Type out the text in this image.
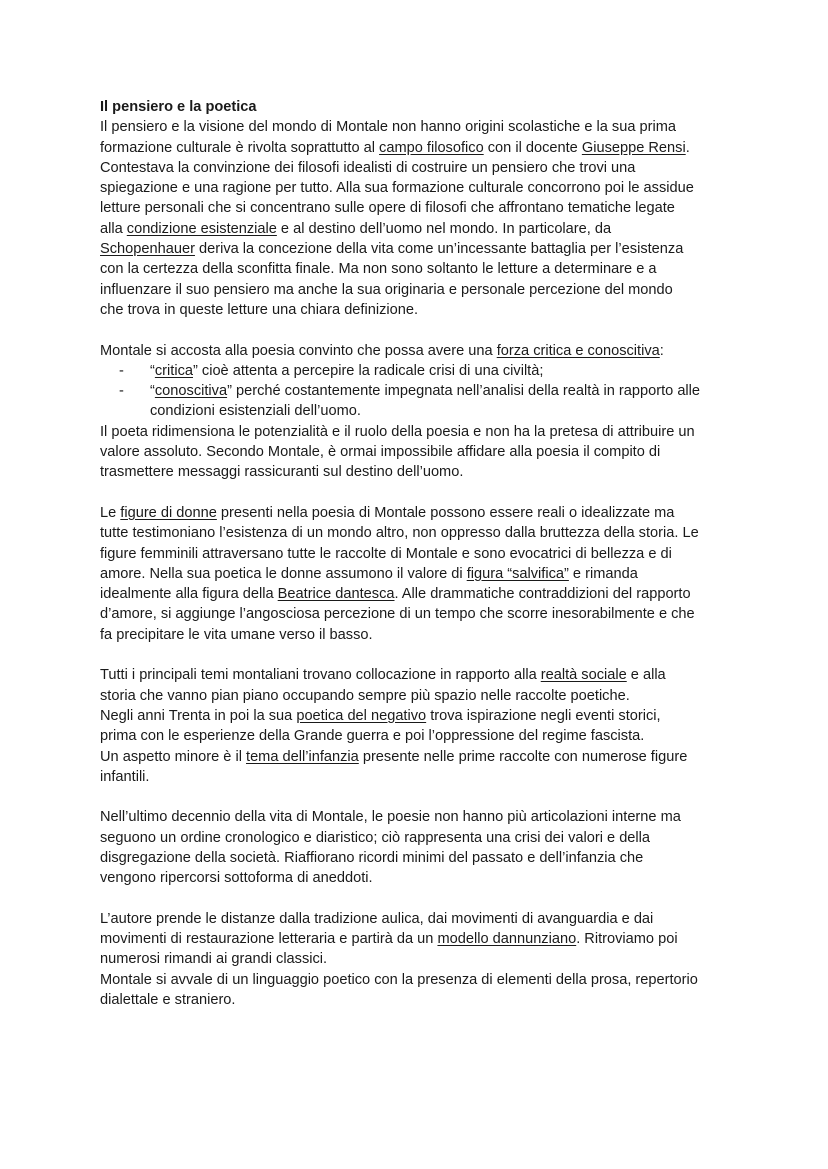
Il pensiero e la poetica
Il pensiero e la visione del mondo di Montale non hanno origini scolastiche e la sua prima
formazione culturale è rivolta soprattutto al campo filosofico con il docente Giuseppe Rensi.
Contestava la convinzione dei filosofi idealisti di costruire un pensiero che trovi una
spiegazione e una ragione per tutto. Alla sua formazione culturale concorrono poi le assidue
letture personali che si concentrano sulle opere di filosofi che affrontano tematiche legate
alla condizione esistenziale e al destino dell’uomo nel mondo. In particolare, da
Schopenhauer deriva la concezione della vita come un’incessante battaglia per l’esistenza
con la certezza della sconfitta finale. Ma non sono soltanto le letture a determinare e a
influenzare il suo pensiero ma anche la sua originaria e personale percezione del mondo
che trova in queste letture una chiara definizione.
Montale si accosta alla poesia convinto che possa avere una forza critica e conoscitiva:
- “critica” cioè attenta a percepire la radicale crisi di una civiltà;
- “conoscitiva” perché costantemente impegnata nell’analisi della realtà in rapporto alle
condizioni esistenziali dell’uomo.
Il poeta ridimensiona le potenzialità e il ruolo della poesia e non ha la pretesa di attribuire un
valore assoluto. Secondo Montale, è ormai impossibile affidare alla poesia il compito di
trasmettere messaggi rassicuranti sul destino dell’uomo.
Le figure di donne presenti nella poesia di Montale possono essere reali o idealizzate ma
tutte testimoniano l’esistenza di un mondo altro, non oppresso dalla bruttezza della storia. Le
figure femminili attraversano tutte le raccolte di Montale e sono evocatrici di bellezza e di
amore. Nella sua poetica le donne assumono il valore di figura “salvifica” e rimanda
idealmente alla figura della Beatrice dantesca. Alle drammatiche contraddizioni del rapporto
d’amore, si aggiunge l’angosciosa percezione di un tempo che scorre inesorabilmente e che
fa precipitare le vita umane verso il basso.
Tutti i principali temi montaliani trovano collocazione in rapporto alla realtà sociale e alla
storia che vanno pian piano occupando sempre più spazio nelle raccolte poetiche.
Negli anni Trenta in poi la sua poetica del negativo trova ispirazione negli eventi storici,
prima con le esperienze della Grande guerra e poi l’oppressione del regime fascista.
Un aspetto minore è il tema dell’infanzia presente nelle prime raccolte con numerose figure
infantili.
Nell’ultimo decennio della vita di Montale, le poesie non hanno più articolazioni interne ma
seguono un ordine cronologico e diaristico; ciò rappresenta una crisi dei valori e della
disgregazione della società. Riaffiorano ricordi minimi del passato e dell’infanzia che
vengono ripercorsi sottoforma di aneddoti.
L’autore prende le distanze dalla tradizione aulica, dai movimenti di avanguardia e dai
movimenti di restaurazione letteraria e partirà da un modello dannunziano. Ritroviamo poi
numerosi rimandi ai grandi classici.
Montale si avvale di un linguaggio poetico con la presenza di elementi della prosa, repertorio
dialettale e straniero.
